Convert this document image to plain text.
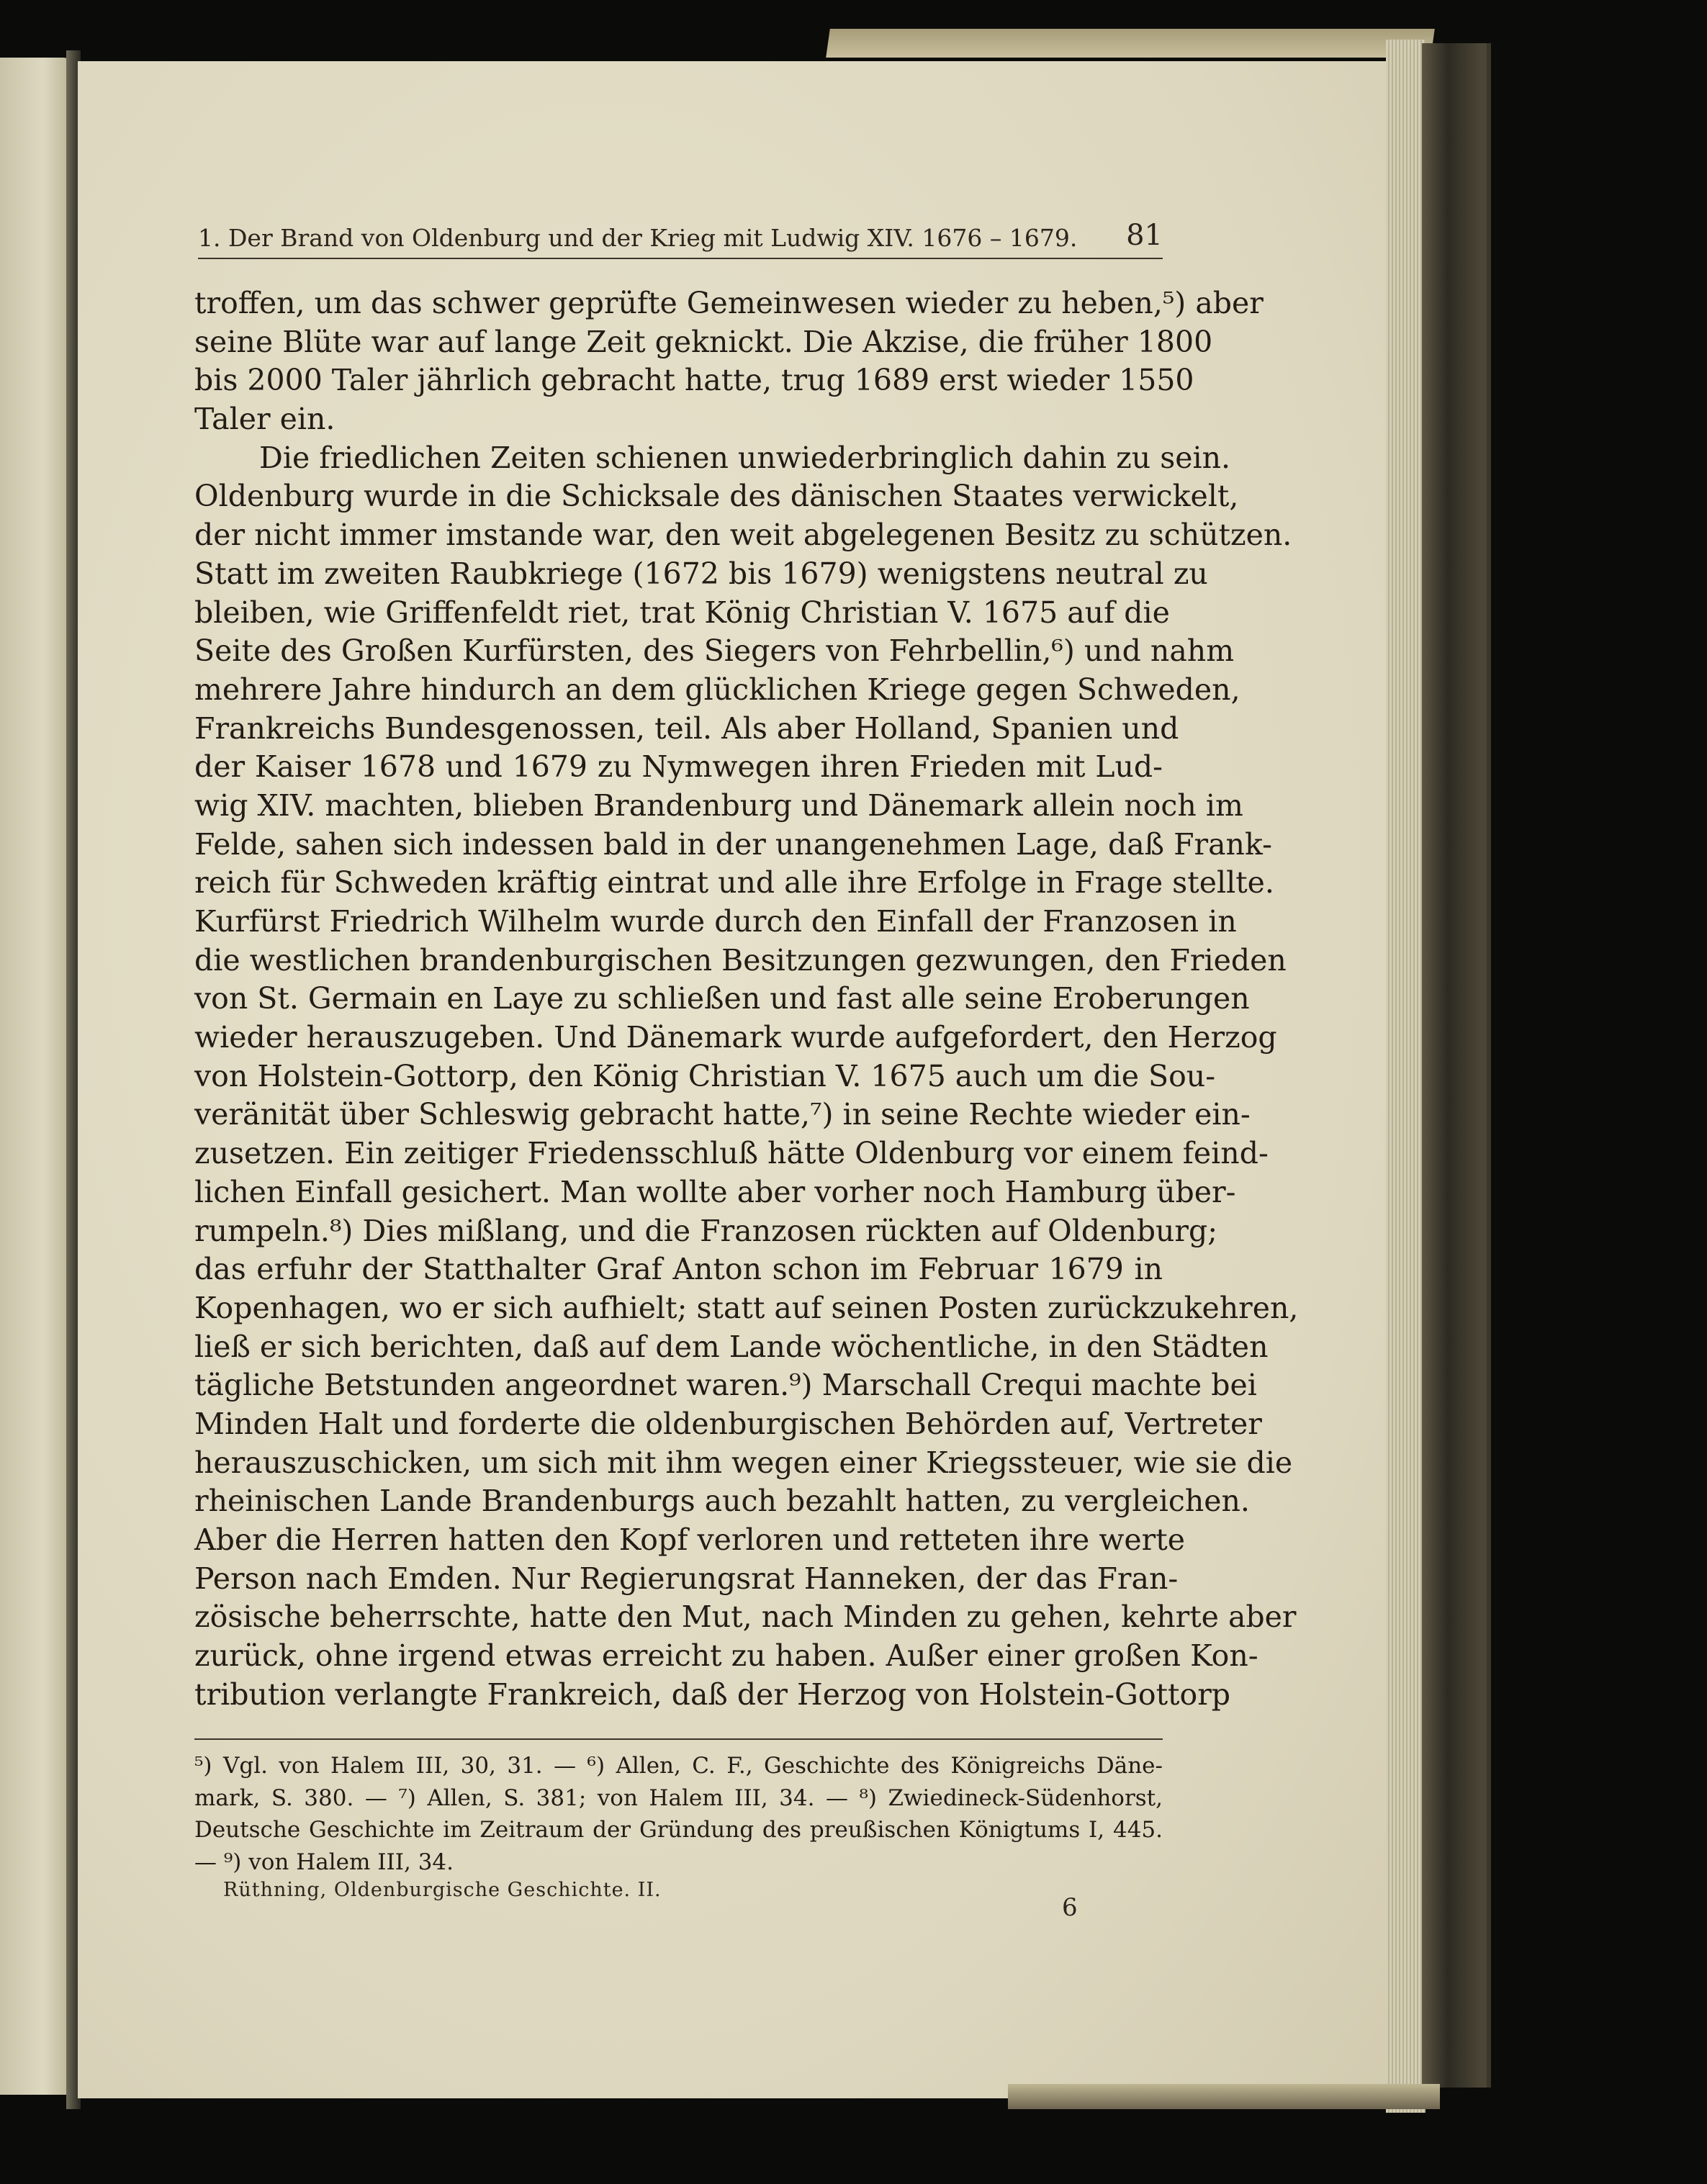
1. Der Brand von Oldenburg und der Krieg mit Ludwig XIV. 1676 – 1679. 81
troffen, um das schwer geprüfte Gemeinwesen wieder zu heben,⁵) aber
seine Blüte war auf lange Zeit geknickt. Die Akzise, die früher 1800
bis 2000 Taler jährlich gebracht hatte, trug 1689 erst wieder 1550
Taler ein.
Die friedlichen Zeiten schienen unwiederbringlich dahin zu sein.
Oldenburg wurde in die Schicksale des dänischen Staates verwickelt,
der nicht immer imstande war, den weit abgelegenen Besitz zu schützen.
Statt im zweiten Raubkriege (1672 bis 1679) wenigstens neutral zu
bleiben, wie Griffenfeldt riet, trat König Christian V. 1675 auf die
Seite des Großen Kurfürsten, des Siegers von Fehrbellin,⁶) und nahm
mehrere Jahre hindurch an dem glücklichen Kriege gegen Schweden,
Frankreichs Bundesgenossen, teil. Als aber Holland, Spanien und
der Kaiser 1678 und 1679 zu Nymwegen ihren Frieden mit Lud-
wig XIV. machten, blieben Brandenburg und Dänemark allein noch im
Felde, sahen sich indessen bald in der unangenehmen Lage, daß Frank-
reich für Schweden kräftig eintrat und alle ihre Erfolge in Frage stellte.
Kurfürst Friedrich Wilhelm wurde durch den Einfall der Franzosen in
die westlichen brandenburgischen Besitzungen gezwungen, den Frieden
von St. Germain en Laye zu schließen und fast alle seine Eroberungen
wieder herauszugeben. Und Dänemark wurde aufgefordert, den Herzog
von Holstein-Gottorp, den König Christian V. 1675 auch um die Sou-
veränität über Schleswig gebracht hatte,⁷) in seine Rechte wieder ein-
zusetzen. Ein zeitiger Friedensschluß hätte Oldenburg vor einem feind-
lichen Einfall gesichert. Man wollte aber vorher noch Hamburg über-
rumpeln.⁸) Dies mißlang, und die Franzosen rückten auf Oldenburg;
das erfuhr der Statthalter Graf Anton schon im Februar 1679 in
Kopenhagen, wo er sich aufhielt; statt auf seinen Posten zurückzukehren,
ließ er sich berichten, daß auf dem Lande wöchentliche, in den Städten
tägliche Betstunden angeordnet waren.⁹) Marschall Crequi machte bei
Minden Halt und forderte die oldenburgischen Behörden auf, Vertreter
herauszuschicken, um sich mit ihm wegen einer Kriegssteuer, wie sie die
rheinischen Lande Brandenburgs auch bezahlt hatten, zu vergleichen.
Aber die Herren hatten den Kopf verloren und retteten ihre werte
Person nach Emden. Nur Regierungsrat Hanneken, der das Fran-
zösische beherrschte, hatte den Mut, nach Minden zu gehen, kehrte aber
zurück, ohne irgend etwas erreicht zu haben. Außer einer großen Kon-
tribution verlangte Frankreich, daß der Herzog von Holstein-Gottorp
⁵) Vgl. von Halem III, 30, 31. — ⁶) Allen, C. F., Geschichte des Königreichs Däne-
mark, S. 380. — ⁷) Allen, S. 381; von Halem III, 34. — ⁸) Zwiedineck-Südenhorst,
Deutsche Geschichte im Zeitraum der Gründung des preußischen Königtums I, 445.
— ⁹) von Halem III, 34.
Rüthning, Oldenburgische Geschichte. II.
6
